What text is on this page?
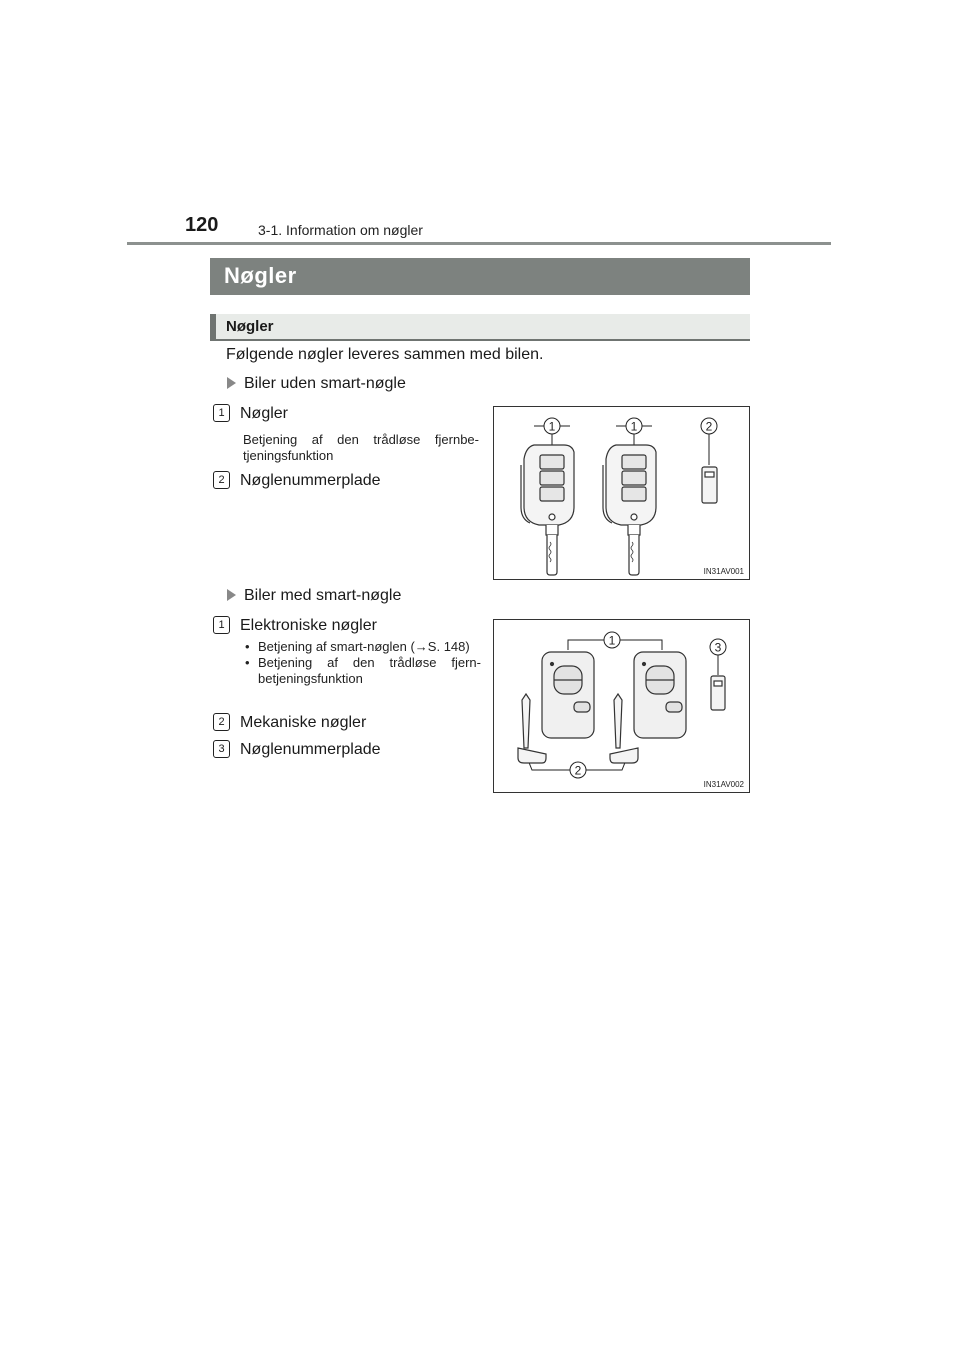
120	3-1. Information om nøgler
Nøgler
Nøgler
Følgende nøgler leveres sammen med bilen.
Biler uden smart-nøgle
1 Nøgler
Betjening af den trådløse fjernbe-tjeningsfunktion
2 Nøglenummerplade
1	1	2
IN31AV001
Biler med smart-nøgle
1 Elektroniske nøgler
• Betjening af smart-nøglen (→S. 148)
• Betjening af den trådløse fjern-betjeningsfunktion
2 Mekaniske nøgler
3 Nøglenummerplade
1	3
2
IN31AV002
